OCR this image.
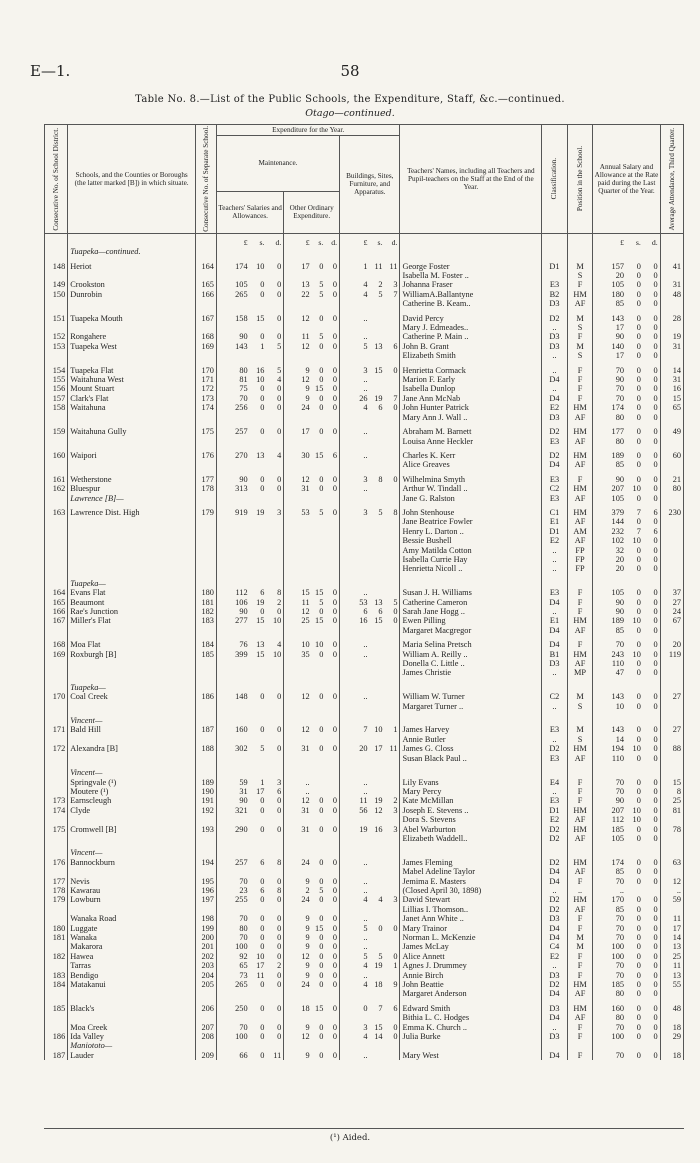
E—1.	58
Table No. 8.—List of the Public Schools, the Expenditure, Staff, &c.—continued.
Otago—continued.
Consecutive No. of School District.	Schools, and the Counties or Boroughs (the latter marked [B]) in which situate.	Consecutive No. of Separate School.	Expenditure for the Year.			Teachers' Names, including all Teachers and Pupil-teachers on the Staff at the End of the Year.	Classification.	Position in the School.	Annual Salary and Allowance at the Rate paid during the Last Quarter of the Year.	Average Attendance, Third Quarter.

			Maintenance.		Buildings, Sites, Furniture, and Apparatus.					
			Teachers' Salaries and Allowances.	Other Ordinary Expenditure.						

			£ s. d.	£ s. d.	£ s. d.				£ s. d.	

	Tuapeka—continued.									
148	Heriot	164	174 10 0	17 0 0	1 11 11	George Foster	D1	M	157 0 0	41
						Isabella M. Foster ..		S	20 0 0	

149	Crookston	165	105 0 0	13 5 0	4 2 3	Johanna Fraser	E3	F	105 0 0	31
150	Dunrobin	166	265 0 0	22 5 0	4 5 7	WilliamA.Ballantyne	B2	HM	180 0 0	48
						Catherine B. Keam..	D3	AF	85 0 0	

151	Tuapeka Mouth	167	158 15 0	12 0 0	..	David Percy	D2	M	143 0 0	28
						Mary J. Edmeades..	..	S	17 0 0	

152	Rongahere	168	90 0 0	11 5 0	..	Catherine P. Main ..	D3	F	90 0 0	19
153	Tuapeka West	169	143 1 5	12 0 0	5 13 6	John B. Grant	D3	M	140 0 0	31
						Elizabeth Smith	..	S	17 0 0	

154	Tuapeka Flat	170	80 16 5	9 0 0	3 15 0	Henrietta Cormack	..	F	70 0 0	14
155	Waitahuna West	171	81 10 4	12 0 0	..	Marion F. Early	D4	F	90 0 0	31
156	Mount Stuart	172	75 0 0	9 15 0	..	Isabella Dunlop	..	F	70 0 0	16
157	Clark's Flat	173	70 0 0	9 0 0	26 19 7	Jane Ann McNab	D4	F	70 0 0	15
158	Waitahuna	174	256 0 0	24 0 0	4 6 0	John Hunter Patrick	E2	HM	174 0 0	65
						Mary Ann J. Wall ..	D3	AF	80 0 0	

159	Waitahuna Gully	175	257 0 0	17 0 0	..	Abraham M. Barnett	D2	HM	177 0 0	49
						Louisa Anne Heckler	E3	AF	80 0 0	

160	Waipori	176	270 13 4	30 15 6	..	Charles K. Kerr	D2	HM	189 0 0	60
						Alice Greaves	D4	AF	85 0 0	

161	Wetherstone	177	90 0 0	12 0 0	3 8 0	Wilhelmina Smyth	E3	F	90 0 0	21
162	Bluespur	178	313 0 0	31 0 0	..	Arthur W. Tindall ..	C2	HM	207 10 0	80
	Lawrence [B]—					Jane G. Ralston	E3	AF	105 0 0	

163	Lawrence Dist. High	179	919 19 3	53 5 0	3 5 8	John Stenhouse	C1	HM	379 7 6	230
						Jane Beatrice Fowler	E1	AF	144 0 0	

						Henry L. Darton ..	D1	AM	232 7 6	

						Bessie Bushell	E2	AF	102 10 0	

						Amy Matilda Cotton	..	FP	32 0 0	

						Isabella Currie Hay	..	FP	20 0 0	

						Henrietta Nicoll ..	..	FP	20 0 0	

	Tuapeka—									
164	Evans Flat	180	112 6 8	15 15 0	..	Susan J. H. Williams	E3	F	105 0 0	37
165	Beaumont	181	106 19 2	11 5 0	53 13 5	Catherine Cameron	D4	F	90 0 0	27
166	Rae's Junction	182	90 0 0	12 0 0	6 6 0	Sarah Jane Hogg ..	..	F	90 0 0	24
167	Miller's Flat	183	277 15 10	25 15 0	16 15 0	Ewen Pilling	E1	HM	189 10 0	67
						Margaret Macgregor	D4	AF	85 0 0	

168	Moa Flat	184	76 13 4	10 10 0	..	Maria Selina Pretsch	D4	F	70 0 0	20
169	Roxburgh [B]	185	399 15 10	35 0 0	..	William A. Reilly ..	B1	HM	243 10 0	119
						Donella C. Little ..	D3	AF	110 0 0	

						James Christie	..	MP	47 0 0	

	Tuapeka—									
170	Coal Creek	186	148 0 0	12 0 0	..	William W. Turner	C2	M	143 0 0	27
						Margaret Turner ..	..	S	10 0 0	

	Vincent—									
171	Bald Hill	187	160 0 0	12 0 0	7 10 1	James Harvey	E3	M	143 0 0	27
						Annie Butler	..	S	14 0 0	

172	Alexandra [B]	188	302 5 0	31 0 0	20 17 11	James G. Closs	D2	HM	194 10 0	88
						Susan Black Paul ..	E3	AF	110 0 0	

	Vincent—									
	Springvale (¹)	189	59 1 3	..	..	Lily Evans	E4	F	70 0 0	15
	Moutere (¹)	190	31 17 6	..	..	Mary Percy	..	F	70 0 0	8
173	Earnscleugh	191	90 0 0	12 0 0	11 19 2	Kate McMillan	E3	F	90 0 0	25
174	Clyde	192	321 0 0	31 0 0	56 12 3	Joseph E. Stevens ..	D1	HM	207 10 0	81
						Dora S. Stevens	E2	AF	112 10 0	

175	Cromwell [B]	193	290 0 0	31 0 0	19 16 3	Abel Warburton	D2	HM	185 0 0	78
						Elizabeth Waddell..	D2	AF	105 0 0	

	Vincent—									
176	Bannockburn	194	257 6 8	24 0 0	..	James Fleming	D2	HM	174 0 0	63
						Mabel Adeline Taylor	D4	AF	85 0 0	

177	Nevis	195	70 0 0	9 0 0	..	Jemima E. Masters	D4	F	70 0 0	12
178	Kawarau	196	23 6 8	2 5 0	..	(Closed April 30, 1898)	..	..	..	..
179	Lowburn	197	255 0 0	24 0 0	4 4 3	David Stewart	D2	HM	170 0 0	59
						Lillias I. Thomson..	D2	AF	85 0 0	

	Wanaka Road	198	70 0 0	9 0 0	..	Janet Ann White ..	D3	F	70 0 0	11
180	Luggate	199	80 0 0	9 15 0	5 0 0	Mary Trainor	D4	F	70 0 0	17
181	Wanaka	200	70 0 0	9 0 0	..	Norman L. McKenzie	D4	M	70 0 0	14
	Makarora	201	100 0 0	9 0 0	..	James McLay	C4	M	100 0 0	13
182	Hawea	202	92 10 0	12 0 0	5 5 0	Alice Annett	E2	F	100 0 0	25
	Tarras	203	65 17 2	9 0 0	4 19 1	Agnes J. Drummey	..	F	70 0 0	11
183	Bendigo	204	73 11 0	9 0 0	..	Annie Birch	D3	F	70 0 0	13
184	Matakanui	205	265 0 0	24 0 0	4 18 9	John Beattie	D2	HM	185 0 0	55
						Margaret Anderson	D4	AF	80 0 0	

185	Black's	206	250 0 0	18 15 0	0 7 6	Edward Smith	D3	HM	160 0 0	48
						Bithia L. C. Hodges	D4	AF	80 0 0	

	Moa Creek	207	70 0 0	9 0 0	3 15 0	Emma K. Church ..	..	F	70 0 0	18
186	Ida Valley	208	100 0 0	12 0 0	4 14 0	Julia Burke	D3	F	100 0 0	29
	Maniototo—									
187	Lauder	209	66 0 11	9 0 0	..	Mary West	D4	F	70 0 0	18
(¹) Aided.
